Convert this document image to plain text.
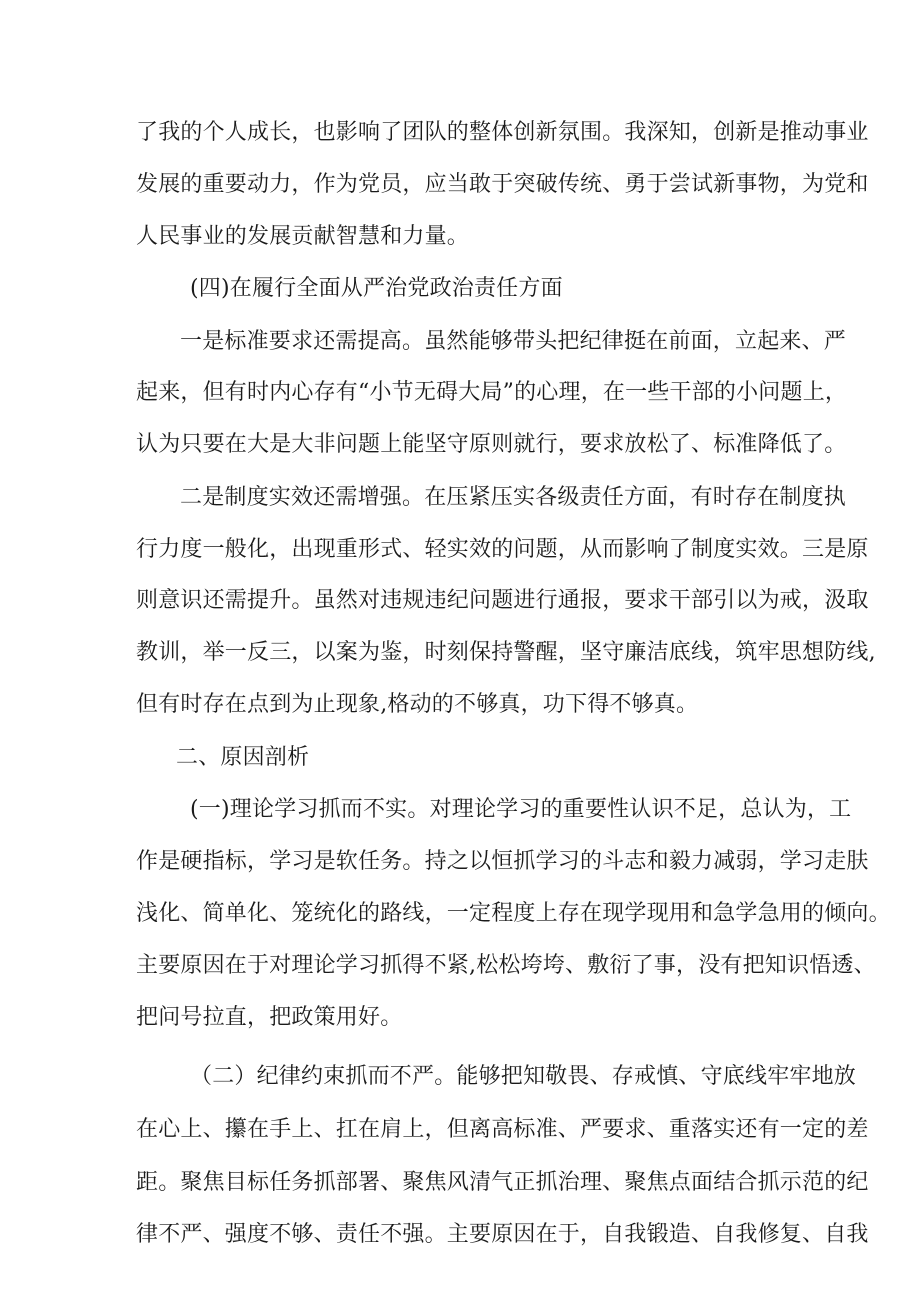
了我的个人成长，也影响了团队的整体创新氛围。我深知，创新是推动事业
发展的重要动力，作为党员，应当敢于突破传统、勇于尝试新事物，为党和
人民事业的发展贡献智慧和力量。
(四)在履行全面从严治党政治责任方面
一是标准要求还需提高。虽然能够带头把纪律挺在前面，立起来、严
起来，但有时内心存有“小节无碍大局”的心理，在一些干部的小问题上，
认为只要在大是大非问题上能坚守原则就行，要求放松了、标准降低了。
二是制度实效还需增强。在压紧压实各级责任方面，有时存在制度执
行力度一般化，出现重形式、轻实效的问题，从而影响了制度实效。三是原
则意识还需提升。虽然对违规违纪问题进行通报，要求干部引以为戒，汲取
教训，举一反三，以案为鉴，时刻保持警醒，坚守廉洁底线，筑牢思想防线,
但有时存在点到为止现象,格动的不够真，功下得不够真。
二、原因剖析
(一)理论学习抓而不实。对理论学习的重要性认识不足，总认为，工
作是硬指标，学习是软任务。持之以恒抓学习的斗志和毅力减弱，学习走肤
浅化、简单化、笼统化的路线，一定程度上存在现学现用和急学急用的倾向。
主要原因在于对理论学习抓得不紧,松松垮垮、敷衍了事，没有把知识悟透、
把问号拉直，把政策用好。
（二）纪律约束抓而不严。能够把知敬畏、存戒慎、守底线牢牢地放
在心上、攥在手上、扛在肩上，但离高标准、严要求、重落实还有一定的差
距。聚焦目标任务抓部署、聚焦风清气正抓治理、聚焦点面结合抓示范的纪
律不严、强度不够、责任不强。主要原因在于，自我锻造、自我修复、自我
